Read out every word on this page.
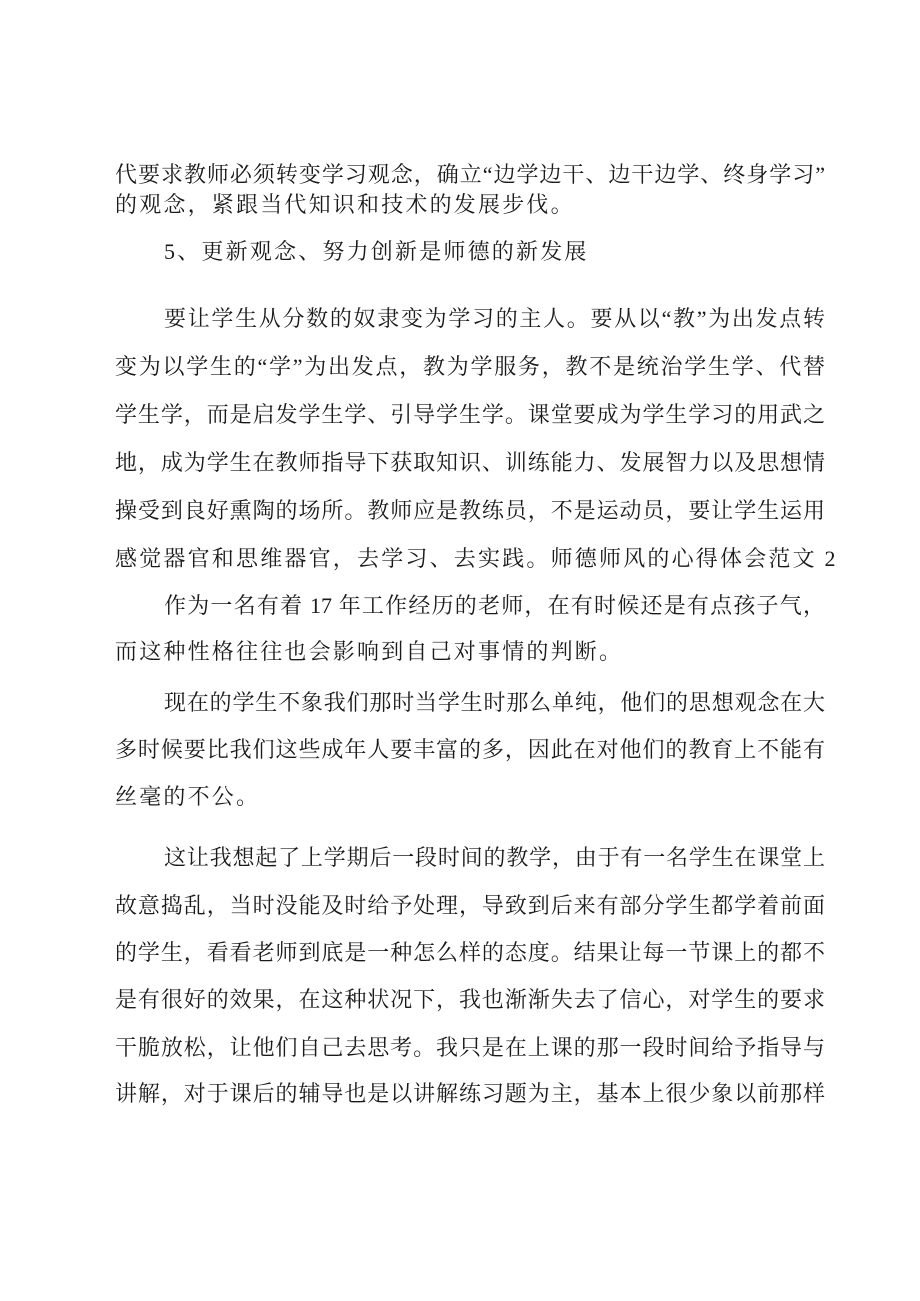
代要求教师必须转变学习观念，确立“边学边干、边干边学、终身学习”
的观念，紧跟当代知识和技术的发展步伐。
5、更新观念、努力创新是师德的新发展
要让学生从分数的奴隶变为学习的主人。要从以“教”为出发点转
变为以学生的“学”为出发点，教为学服务，教不是统治学生学、代替
学生学，而是启发学生学、引导学生学。课堂要成为学生学习的用武之
地，成为学生在教师指导下获取知识、训练能力、发展智力以及思想情
操受到良好熏陶的场所。教师应是教练员，不是运动员，要让学生运用
感觉器官和思维器官，去学习、去实践。师德师风的心得体会范文 2
作为一名有着 17 年工作经历的老师，在有时候还是有点孩子气，
而这种性格往往也会影响到自己对事情的判断。
现在的学生不象我们那时当学生时那么单纯，他们的思想观念在大
多时候要比我们这些成年人要丰富的多，因此在对他们的教育上不能有
丝毫的不公。
这让我想起了上学期后一段时间的教学，由于有一名学生在课堂上
故意捣乱，当时没能及时给予处理，导致到后来有部分学生都学着前面
的学生，看看老师到底是一种怎么样的态度。结果让每一节课上的都不
是有很好的效果，在这种状况下，我也渐渐失去了信心，对学生的要求
干脆放松，让他们自己去思考。我只是在上课的那一段时间给予指导与
讲解，对于课后的辅导也是以讲解练习题为主，基本上很少象以前那样
